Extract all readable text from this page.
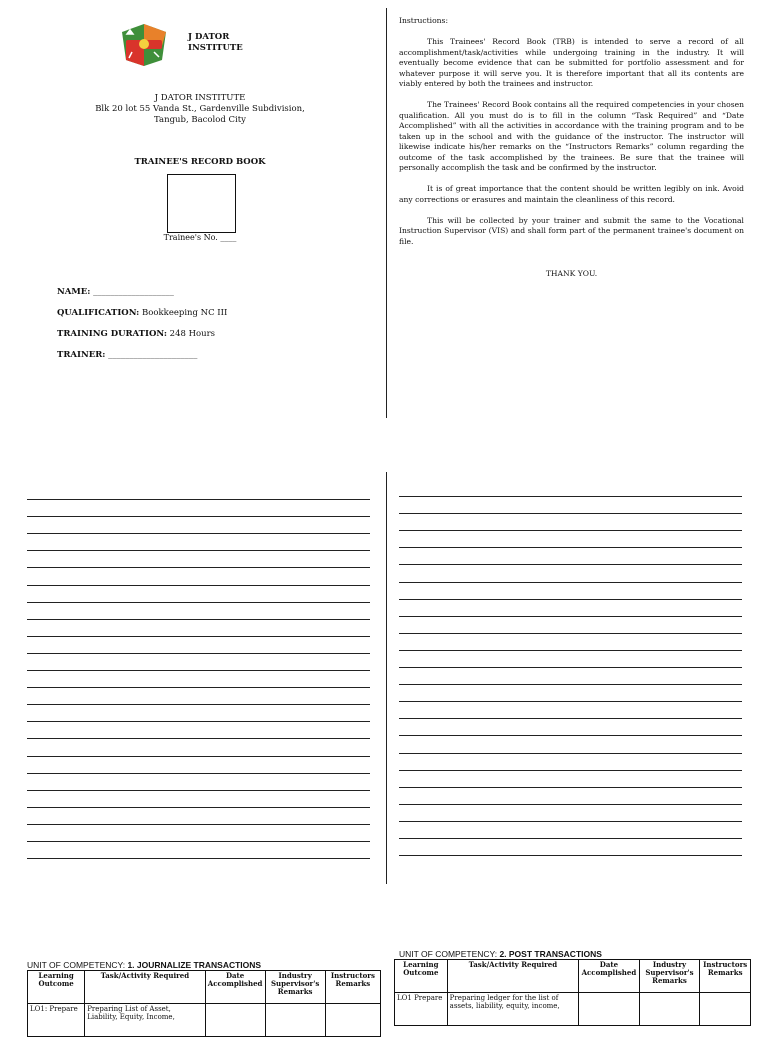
J DATOR
INSTITUTE
J DATOR INSTITUTE
Blk 20 lot 55 Vanda St., Gardenville Subdivision,
Tangub, Bacolod City
TRAINEE'S RECORD BOOK
Trainee's No. ____
NAME: ___________________
QUALIFICATION: Bookkeeping NC III
TRAINING DURATION: 248 Hours
TRAINER: _____________________

Instructions:

This Trainees' Record Book (TRB) is intended to serve a record of all accomplishment/task/activities while undergoing training in the industry. It will eventually become evidence that can be submitted for portfolio assessment and for whatever purpose it will serve you. It is therefore important that all its contents are viably entered by both the trainees and instructor.

The Trainees' Record Book contains all the required competencies in your chosen qualification. All you must do is to fill in the column “Task Required” and “Date Accomplished” with all the activities in accordance with the training program and to be taken up in the school and with the guidance of the instructor. The instructor will likewise indicate his/her remarks on the “Instructors Remarks” column regarding the outcome of the task accomplished by the trainees. Be sure that the trainee will personally accomplish the task and be confirmed by the instructor.

It is of great importance that the content should be written legibly on ink. Avoid any corrections or erasures and maintain the cleanliness of this record.

This will be collected by your trainer and submit the same to the Vocational Instruction Supervisor (VIS) and shall form part of the permanent trainee's document on file.

THANK YOU.

UNIT OF COMPETENCY: 1. JOURNALIZE TRANSACTIONS
Learning Outcome	Task/Activity Required	Date Accomplished	Industry Supervisor's Remarks	Instructors Remarks
LO1: Prepare	Preparing List of Asset, Liability, Equity, Income,			
UNIT OF COMPETENCY: 2. POST TRANSACTIONS
Learning Outcome	Task/Activity Required	Date Accomplished	Industry Supervisor's Remarks	Instructors Remarks
LO1 Prepare	Preparing ledger for the list of assets, liability, equity, income,			
